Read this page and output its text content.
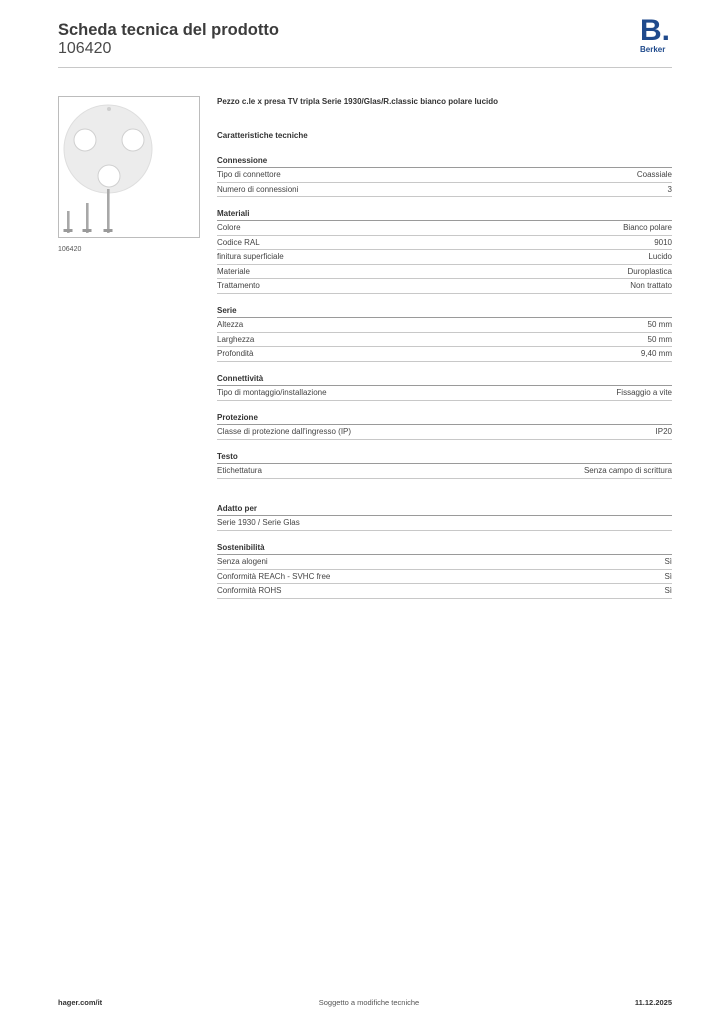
Scheda tecnica del prodotto
106420
B.
Berker
106420
Pezzo c.le x presa TV tripla Serie 1930/Glas/R.classic bianco polare lucido
Caratteristiche tecniche
Connessione
Tipo di connettore	Coassiale
Numero di connessioni	3
Materiali
Colore	Bianco polare
Codice RAL	9010
finitura superficiale	Lucido
Materiale	Duroplastica
Trattamento	Non trattato
Serie
Altezza	50 mm
Larghezza	50 mm
Profondità	9,40 mm
Connettività
Tipo di montaggio/installazione	Fissaggio a vite
Protezione
Classe di protezione dall'ingresso (IP)	IP20
Testo
Etichettatura	Senza campo di scrittura
Adatto per
Serie 1930 / Serie Glas
Sostenibilità
Senza alogeni	Sì
Conformità REACh - SVHC free	Sì
Conformità ROHS	Sì
hager.com/it	Soggetto a modifiche tecniche	11.12.2025
